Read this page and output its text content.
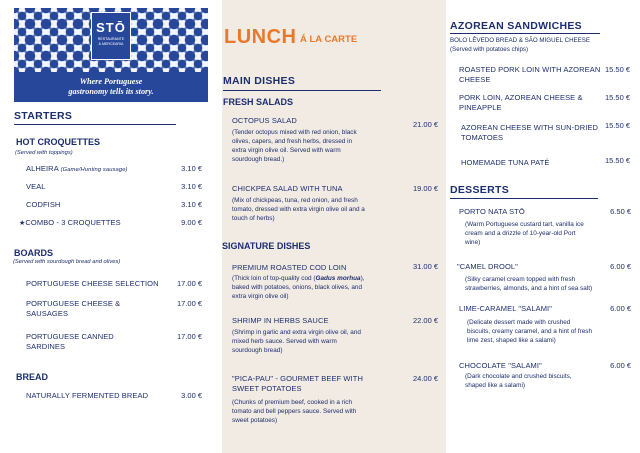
STŌ
RESTAURANTE
& MERCEARIA
Where Portuguese
gastronomy tells its story.
STARTERS
HOT CROQUETTES
(Served with toppings)
ALHEIRA (Game/Hunting sausage)	3.10 €
VEAL	3.10 €
CODFISH	3.10 €
★COMBO - 3 CROQUETTES	9.00 €
BOARDS
(Served with sourdough bread and olives)
PORTUGUESE CHEESE SELECTION	17.00 €
PORTUGUESE CHEESE &
SAUSAGES
17.00 €
PORTUGUESE CANNED
SARDINES
17.00 €
BREAD
NATURALLY FERMENTED BREAD	3.00 €
LUNCH Á LA CARTE
MAIN DISHES
FRESH SALADS
OCTOPUS SALAD	21.00 €
(Tender octopus mixed with red onion, black
olives, capers, and fresh herbs, dressed in
extra virgin olive oil. Served with warm
sourdough bread.)
CHICKPEA SALAD WITH TUNA	19.00 €
(Mix of chickpeas, tuna, red onion, and fresh
tomato, dressed with extra virgin olive oil and a
touch of herbs)
SIGNATURE DISHES
PREMIUM ROASTED COD LOIN	31.00 €
(Thick loin of top-quality cod (Gadus morhua),
baked with potatoes, onions, black olives, and
extra virgin olive oil)
SHRIMP IN HERBS SAUCE	22.00 €
(Shrimp in garlic and extra virgin olive oil, and
mixed herb sauce. Served with warm
sourdough bread)
"PICA-PAU" - GOURMET BEEF WITH
SWEET POTATOES
24.00 €
(Chunks of premium beef, cooked in a rich
tomato and bell peppers sauce. Served with
sweet potatoes)
AZOREAN SANDWICHES
BOLO LÊVEDO BREAD & SÃO MIGUEL CHEESE
(Served with potatoes chips)
ROASTED PORK LOIN WITH AZOREAN
CHEESE
15.50 €
PORK LOIN, AZOREAN CHEESE &
PINEAPPLE
15.50 €
AZOREAN CHEESE WITH SUN-DRIED
TOMATOES
15.50 €
HOMEMADE TUNA PATÉ	15.50 €
DESSERTS
PORTO NATA STŌ	6.50 €
(Warm Portuguese custard tart, vanilla ice
cream and a drizzle of 10-year-old Port
wine)
"CAMEL DROOL"	6.00 €
(Silky caramel cream topped with fresh
strawberries, almonds, and a hint of sea salt)
LIME-CARAMEL "SALAMI"	6.00 €
(Delicate dessert made with crushed
biscuits, creamy caramel, and a hint of fresh
lime zest, shaped like a salami)
CHOCOLATE "SALAMI"	6.00 €
(Dark chocolate and crushed biscuits,
shaped like a salami)
